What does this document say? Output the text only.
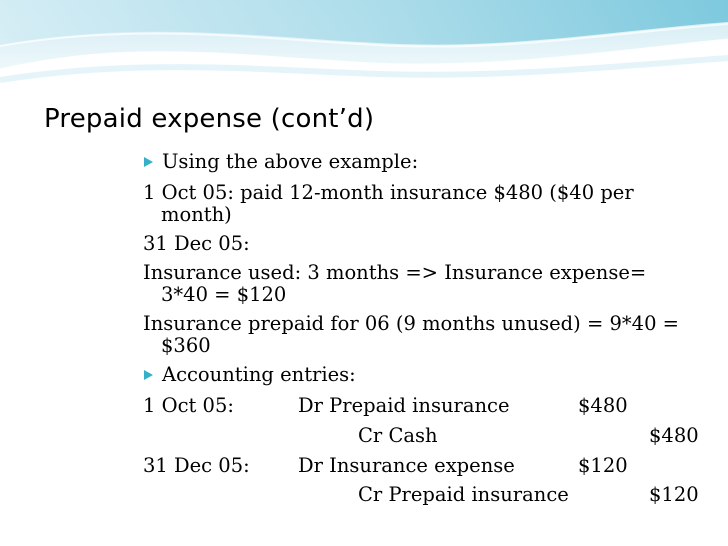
Prepaid expense (cont’d)
Using the above example:
1 Oct 05: paid 12-month insurance $480 ($40 per
month)
31 Dec 05:
Insurance used: 3 months => Insurance expense=
3*40 = $120
Insurance prepaid for 06 (9 months unused) = 9*40 =
$360
Accounting entries:
1 Oct 05:	Dr Prepaid insurance	$480
Cr Cash	$480
31 Dec 05: Dr Insurance expense	$120
Cr Prepaid insurance	$120
